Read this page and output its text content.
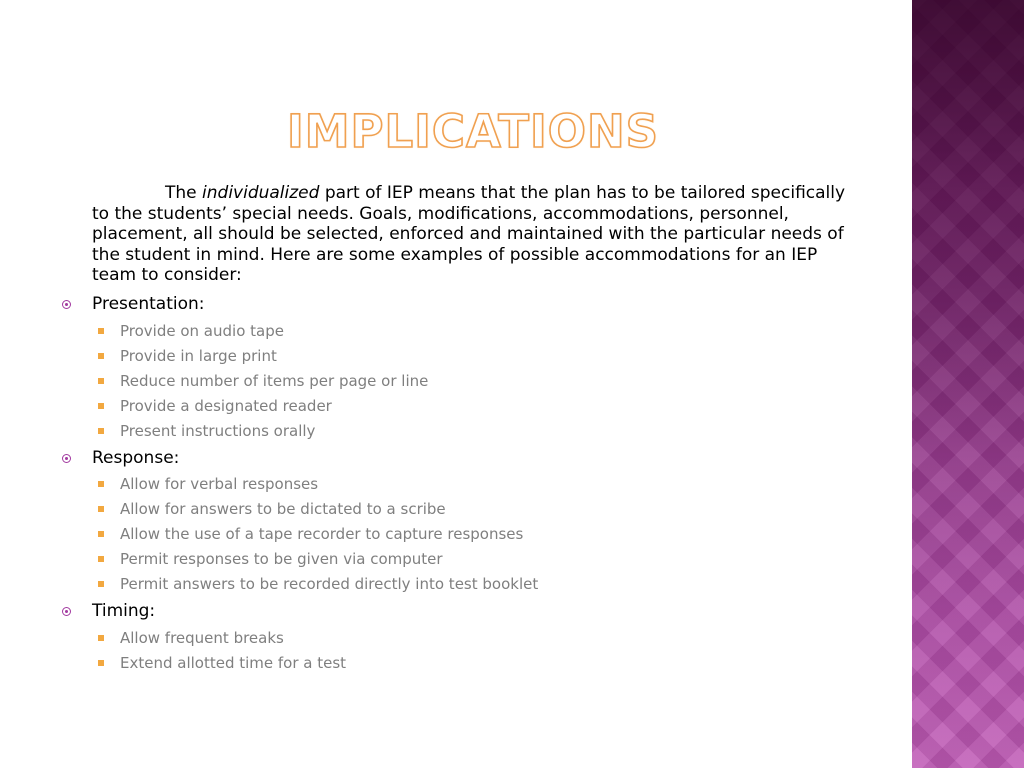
IMPLICATIONS

The individualized part of IEP means that the plan has to be tailored specifically to the students’ special needs. Goals, modifications, accommodations, personnel, placement, all should be selected, enforced and maintained with the particular needs of the student in mind. Here are some examples of possible accommodations for an IEP team to consider:

Presentation:

Provide on audio tape

Provide in large print

Reduce number of items per page or line

Provide a designated reader

Present instructions orally

Response:

Allow for verbal responses

Allow for answers to be dictated to a scribe

Allow the use of a tape recorder to capture responses

Permit responses to be given via computer

Permit answers to be recorded directly into test booklet

Timing:

Allow frequent breaks

Extend allotted time for a test
